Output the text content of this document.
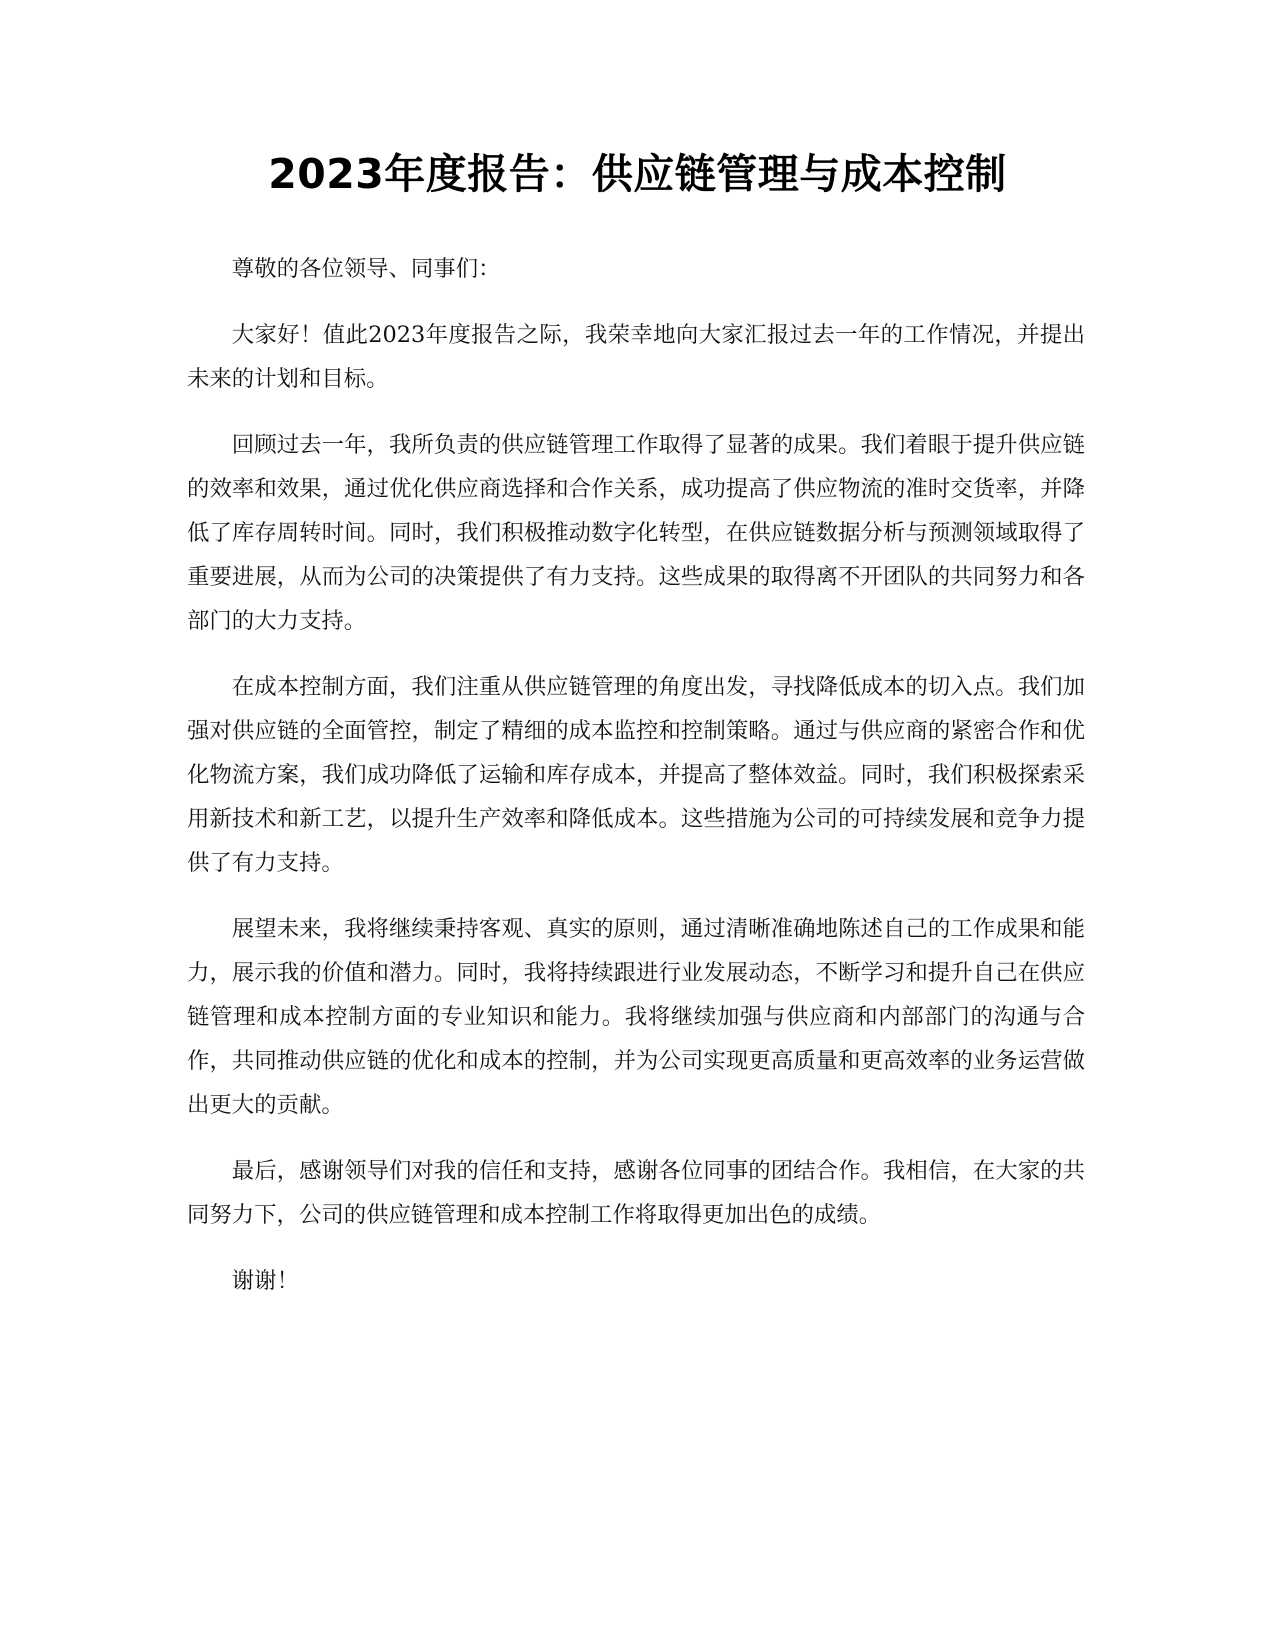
2023年度报告：供应链管理与成本控制

尊敬的各位领导、同事们：

大家好！值此2023年度报告之际，我荣幸地向大家汇报过去一年的工作情况，并提出未来的计划和目标。

回顾过去一年，我所负责的供应链管理工作取得了显著的成果。我们着眼于提升供应链的效率和效果，通过优化供应商选择和合作关系，成功提高了供应物流的准时交货率，并降低了库存周转时间。同时，我们积极推动数字化转型，在供应链数据分析与预测领域取得了重要进展，从而为公司的决策提供了有力支持。这些成果的取得离不开团队的共同努力和各部门的大力支持。

在成本控制方面，我们注重从供应链管理的角度出发，寻找降低成本的切入点。我们加强对供应链的全面管控，制定了精细的成本监控和控制策略。通过与供应商的紧密合作和优化物流方案，我们成功降低了运输和库存成本，并提高了整体效益。同时，我们积极探索采用新技术和新工艺，以提升生产效率和降低成本。这些措施为公司的可持续发展和竞争力提供了有力支持。

展望未来，我将继续秉持客观、真实的原则，通过清晰准确地陈述自己的工作成果和能力，展示我的价值和潜力。同时，我将持续跟进行业发展动态，不断学习和提升自己在供应链管理和成本控制方面的专业知识和能力。我将继续加强与供应商和内部部门的沟通与合作，共同推动供应链的优化和成本的控制，并为公司实现更高质量和更高效率的业务运营做出更大的贡献。

最后，感谢领导们对我的信任和支持，感谢各位同事的团结合作。我相信，在大家的共同努力下，公司的供应链管理和成本控制工作将取得更加出色的成绩。

谢谢！
